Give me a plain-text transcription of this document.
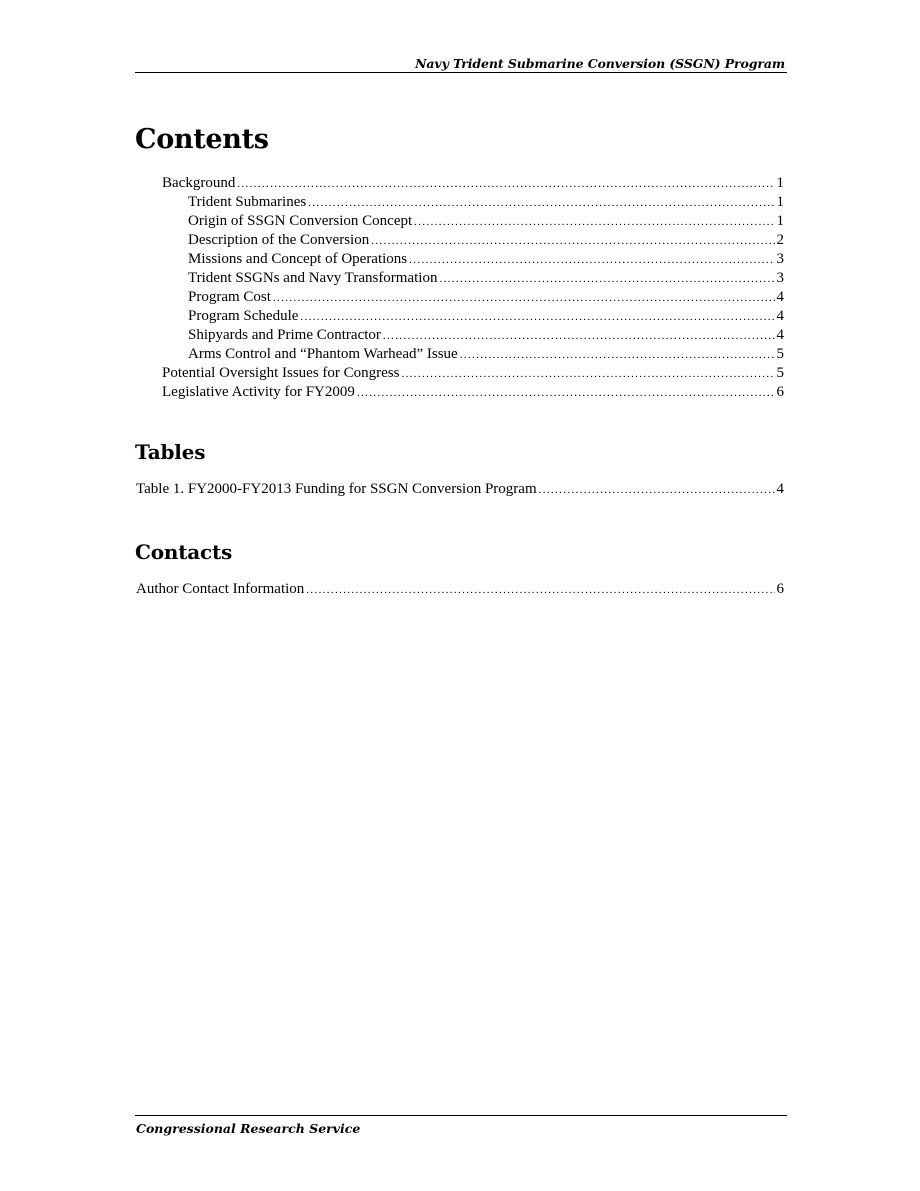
Navy Trident Submarine Conversion (SSGN) Program
Contents
Background .....	1
Trident Submarines .....	1
Origin of SSGN Conversion Concept .....	1
Description of the Conversion .....	2
Missions and Concept of Operations .....	3
Trident SSGNs and Navy Transformation .....	3
Program Cost .....	4
Program Schedule .....	4
Shipyards and Prime Contractor .....	4
Arms Control and “Phantom Warhead” Issue .....	5
Potential Oversight Issues for Congress .....	5
Legislative Activity for FY2009 .....	6
Tables
Table 1. FY2000-FY2013 Funding for SSGN Conversion Program .....	4
Contacts
Author Contact Information .....	6
Congressional Research Service
